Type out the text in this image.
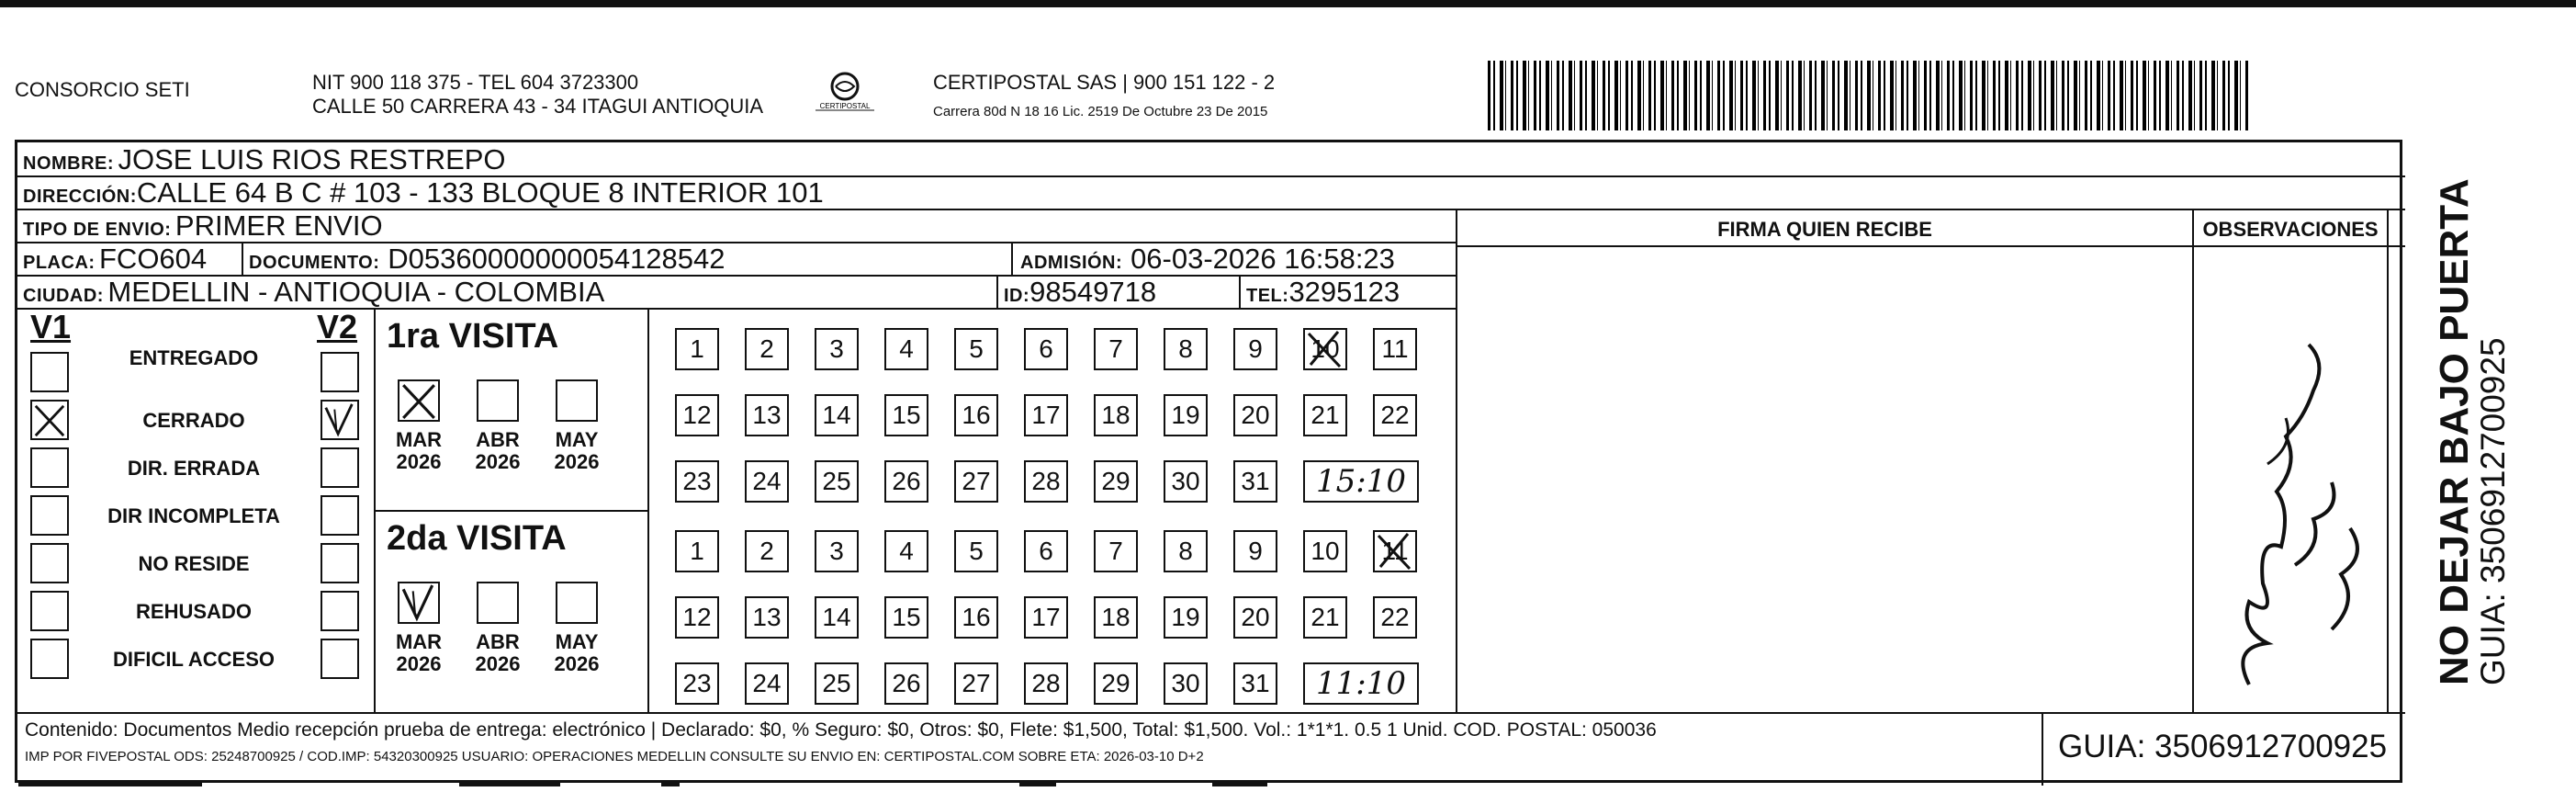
CONSORCIO SETI	NIT 900 118 375 - TEL 604 3723300
CALLE 50 CARRERA 43 - 34 ITAGUI ANTIOQUIA	CERTIPOSTAL
CERTIPOSTAL SAS | 900 151 122 - 2
Carrera 80d N 18 16 Lic. 2519 De Octubre 23 De 2015
NOMBRE: JOSE LUIS RIOS RESTREPO
DIRECCIÓN:CALLE 64 B C # 103 - 133 BLOQUE 8 INTERIOR 101
TIPO DE ENVIO: PRIMER ENVIO
PLACA: FCO604 DOCUMENTO: D05360000000054128542	ADMISIÓN: 06-03-2026 16:58:23
CIUDAD: MEDELLIN - ANTIOQUIA - COLOMBIA	ID:98549718	TEL:3295123
FIRMA QUIEN RECIBE	OBSERVACIONES
V1	V2
ENTREGADO
CERRADO
DIR. ERRADA
DIR INCOMPLETA
NO RESIDE
REHUSADO
DIFICIL ACCESO
1ra VISITA
MAR
2026
ABR
2026
MAY
2026
1	2	3	4	5	6	7	8	9	10	11
12	13	14	15	16	17	18	19	20	21	22
23	24	25	26	27	28	29	30	31	15:10
2da VISITA
MAR
2026
ABR
2026
MAY
2026
1	2	3	4	5	6	7	8	9	10	11
12	13	14	15	16	17	18	19	20	21	22
23	24	25	26	27	28	29	30	31	11:10
Contenido: Documentos Medio recepción prueba de entrega: electrónico | Declarado: $0, % Seguro: $0, Otros: $0, Flete: $1,500, Total: $1,500. Vol.: 1*1*1. 0.5 1 Unid. COD. POSTAL: 050036
IMP POR FIVEPOSTAL ODS: 25248700925 / COD.IMP: 54320300925 USUARIO: OPERACIONES MEDELLIN CONSULTE SU ENVIO EN: CERTIPOSTAL.COM SOBRE ETA: 2026-03-10 D+2	GUIA: 3506912700925
NO DEJAR BAJO PUERTA
GUIA: 3506912700925
